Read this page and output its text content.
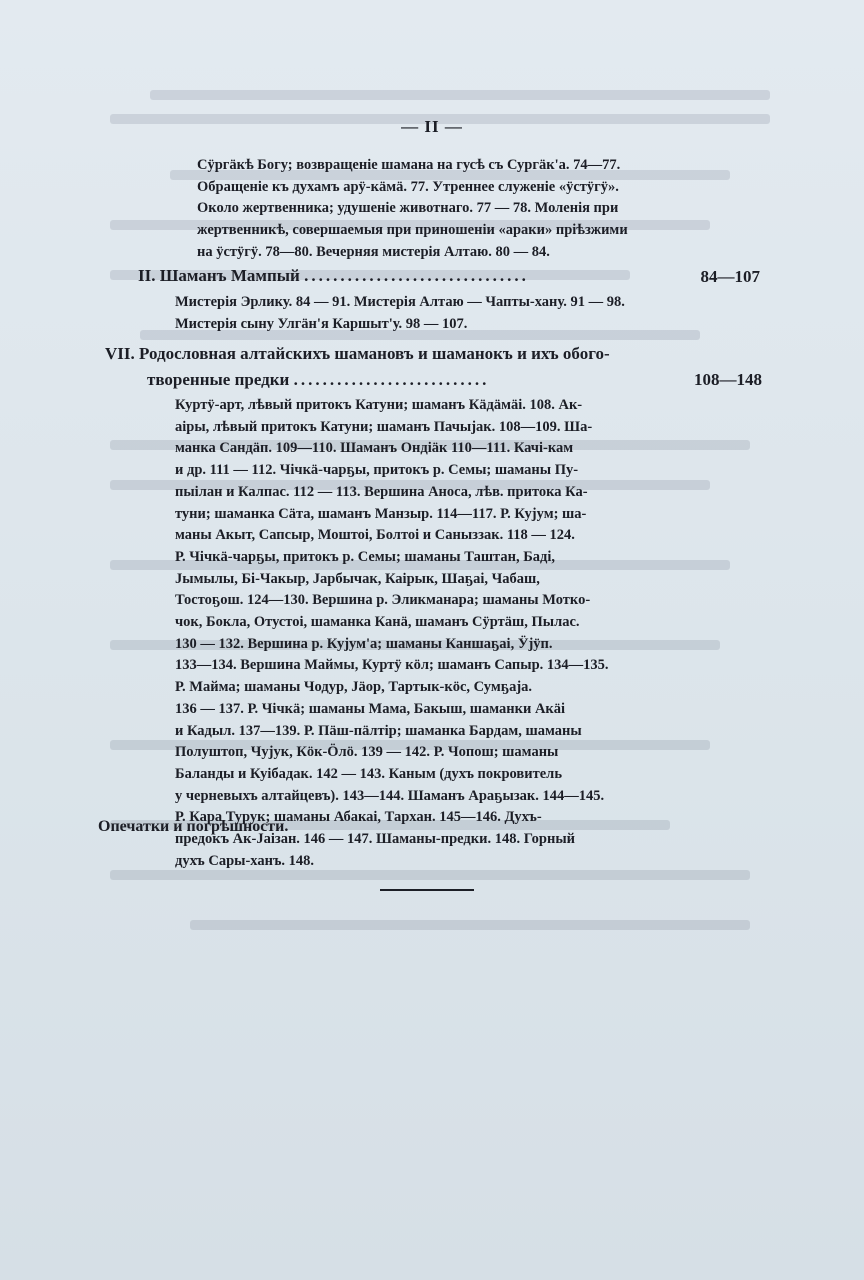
— II —
Сӱргӓкѣ Богу; возвращеніе шамана на гусѣ съ Сургӓк'а. 74—77.
Обращеніе къ духамъ арӱ-кӓмӓ. 77. Утреннее служеніе «ӱстӱгӱ».
Около жертвенника; удушеніе животнаго. 77 — 78. Моленія при
жертвенникѣ, совершаемыя при приношеніи «араки» прiѣзжими
на ӱстӱгӱ. 78—80. Вечерняя мистерія Алтаю. 80 — 84.
II. Шаманъ Мампый ...............................	84—107
Мистерія Эрлику. 84 — 91. Мистерія Алтаю — Чапты-хану. 91 — 98.
Мистерія сыну Улгӓн'я Каршыт'у. 98 — 107.
VII. Родословная алтайскихъ шамановъ и шаманокъ и ихъ обого-
творенные предки ...........................	108—148
Куртӱ-арт, лѣвый притокъ Катуни; шаманъ Кӓдӓмӓі. 108. Ак-
аіры, лѣвый притокъ Катуни; шаманъ Пачыјак. 108—109. Ша-
манка Сандӓп. 109—110. Шаманъ Ондіӓк 110—111. Качі-кам
и др. 111 — 112. Чічкӓ-чарҕы, притокъ р. Семы; шаманы Пу-
пыілан и Калпас. 112 — 113. Вершина Аноса, лѣв. притока Ка-
туни; шаманка Сӓта, шаманъ Манзыр. 114—117. Р. Кујум; ша-
маны Акыт, Сапсыр, Моштоі, Болтоі и Саныззак. 118 — 124.
Р. Чічкӓ-чарҕы, притокъ р. Семы; шаманы Таштан, Бадi,
Јымылы, Бi-Чакыр, Јарбычак, Каірык, Шаҕаi, Чабаш,
Тостоҕош. 124—130. Вершина р. Эликманара; шаманы Мотко-
чок, Бокла, Отустоі, шаманка Канӓ, шаманъ Сӱртӓш, Пылас.
130 — 132. Вершина р. Кујум'а; шаманы Каншаҕаі, Ӱјӱп.
133—134. Вершина Маймы, Куртӱ кӧл; шаманъ Сапыр. 134—135.
Р. Майма; шаманы Чодур, Јӓор, Тартык-кӧс, Сумҕаја.
136 — 137. Р. Чічкӓ; шаманы Мама, Бакыш, шаманки Акӓi
и Кадыл. 137—139. Р. Пӓш-пӓлтір; шаманка Бардам, шаманы
Полуштоп, Чујук, Кӧк-Ӧлӧ. 139 — 142. Р. Чопош; шаманы
Баланды и Куібадак. 142 — 143. Каным (духъ покровитель
у черневыхъ алтайцевъ). 143—144. Шаманъ Араҕызак. 144—145.
Р. Кара Турук; шаманы Абакаі, Тархан. 145—146. Духъ-
предокъ Ак-Јаізан. 146 — 147. Шаманы-предки. 148. Горный
духъ Сары-ханъ. 148.
Опечатки и погрѣшности.
